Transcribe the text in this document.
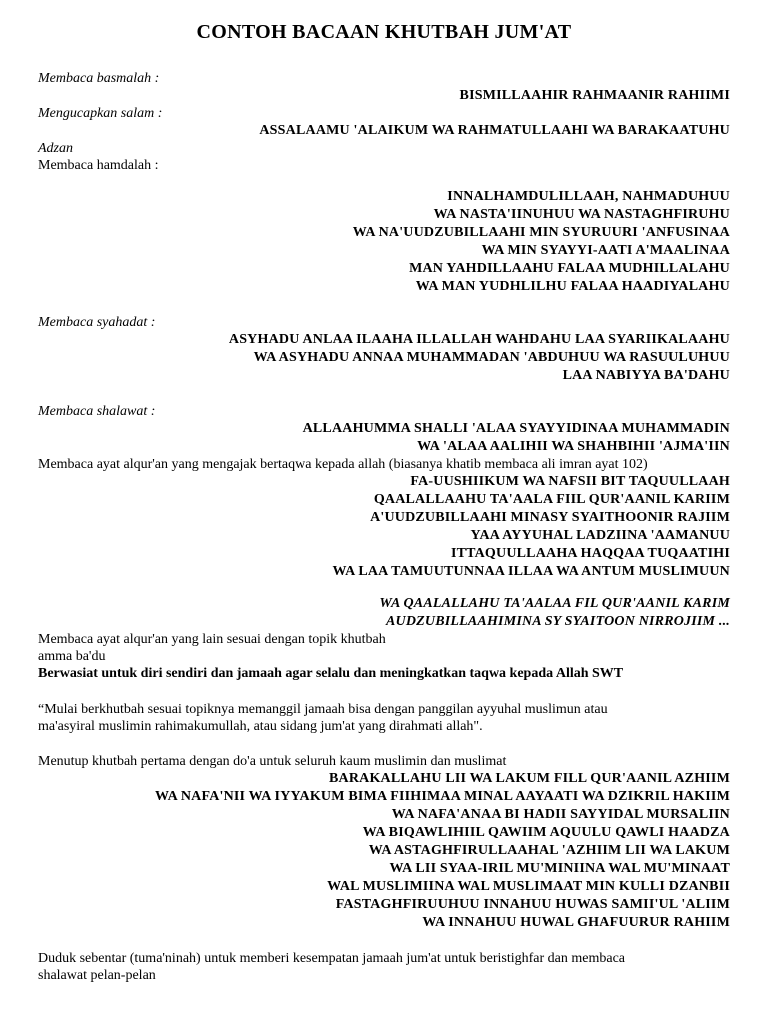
CONTOH BACAAN KHUTBAH JUM'AT

Membaca basmalah :

BISMILLAAHIR RAHMAANIR RAHIIMI

Mengucapkan salam :

ASSALAAMU 'ALAIKUM WA RAHMATULLAAHI WA BARAKAATUHU

Adzan

Membaca hamdalah :

INNALHAMDULILLAAH, NAHMADUHUU

WA NASTA'IINUHUU WA NASTAGHFIRUHU

WA NA'UUDZUBILLAAHI MIN SYURUURI 'ANFUSINAA

WA MIN SYAYYI-AATI A'MAALINAA

MAN YAHDILLAAHU FALAA MUDHILLALAHU

WA MAN YUDHLILHU FALAA HAADIYALAHU

Membaca syahadat :

ASYHADU ANLAA ILAAHA ILLALLAH WAHDAHU LAA SYARIIKALAAHU

WA ASYHADU ANNAA MUHAMMADAN 'ABDUHUU WA RASUULUHUU

LAA NABIYYA BA'DAHU

Membaca shalawat :

ALLAAHUMMA SHALLI 'ALAA SYAYYIDINAA MUHAMMADIN

WA 'ALAA AALIHII WA SHAHBIHII 'AJMA'IIN

Membaca ayat alqur'an yang mengajak bertaqwa kepada allah (biasanya khatib membaca ali imran ayat 102)

FA-UUSHIIKUM WA NAFSII BIT TAQUULLAAH

QAALALLAAHU TA'AALA FIIL QUR'AANIL KARIIM

A'UUDZUBILLAAHI MINASY SYAITHOONIR RAJIIM

YAA AYYUHAL LADZIINA 'AAMANUU

ITTAQUULLAAHA HAQQAA TUQAATIHI

WA LAA TAMUUTUNNAA ILLAA WA ANTUM MUSLIMUUN

WA QAALALLAHU TA'AALAA FIL QUR'AANIL KARIM

AUDZUBILLAAHIMINA SY SYAITOON NIRROJIIM ...

Membaca ayat alqur'an yang lain sesuai dengan topik khutbah

amma ba'du

Berwasiat untuk diri sendiri dan jamaah agar selalu dan meningkatkan taqwa kepada Allah SWT

“Mulai berkhutbah sesuai topiknya memanggil jamaah bisa dengan panggilan ayyuhal muslimun atau

ma'asyiral muslimin rahimakumullah, atau sidang jum'at yang dirahmati allah".

Menutup khutbah pertama dengan do'a untuk seluruh kaum muslimin dan muslimat

BARAKALLAHU LII WA LAKUM FILL QUR'AANIL AZHIIM

WA NAFA'NII WA IYYAKUM BIMA FIIHIMAA MINAL AAYAATI WA DZIKRIL HAKIIM

WA NAFA'ANAA BI HADII SAYYIDAL MURSALIIN

WA BIQAWLIHIIL QAWIIM AQUULU QAWLI HAADZA

WA ASTAGHFIRULLAAHAL 'AZHIIM LII WA LAKUM

WA LII SYAA-IRIL MU'MINIINA WAL MU'MINAAT

WAL MUSLIMIINA WAL MUSLIMAAT MIN KULLI DZANBII

FASTAGHFIRUUHUU INNAHUU HUWAS SAMII'UL 'ALIIM

WA INNAHUU HUWAL GHAFUURUR RAHIIM

Duduk sebentar (tuma'ninah) untuk memberi kesempatan jamaah jum'at untuk beristighfar dan membaca

shalawat pelan-pelan
